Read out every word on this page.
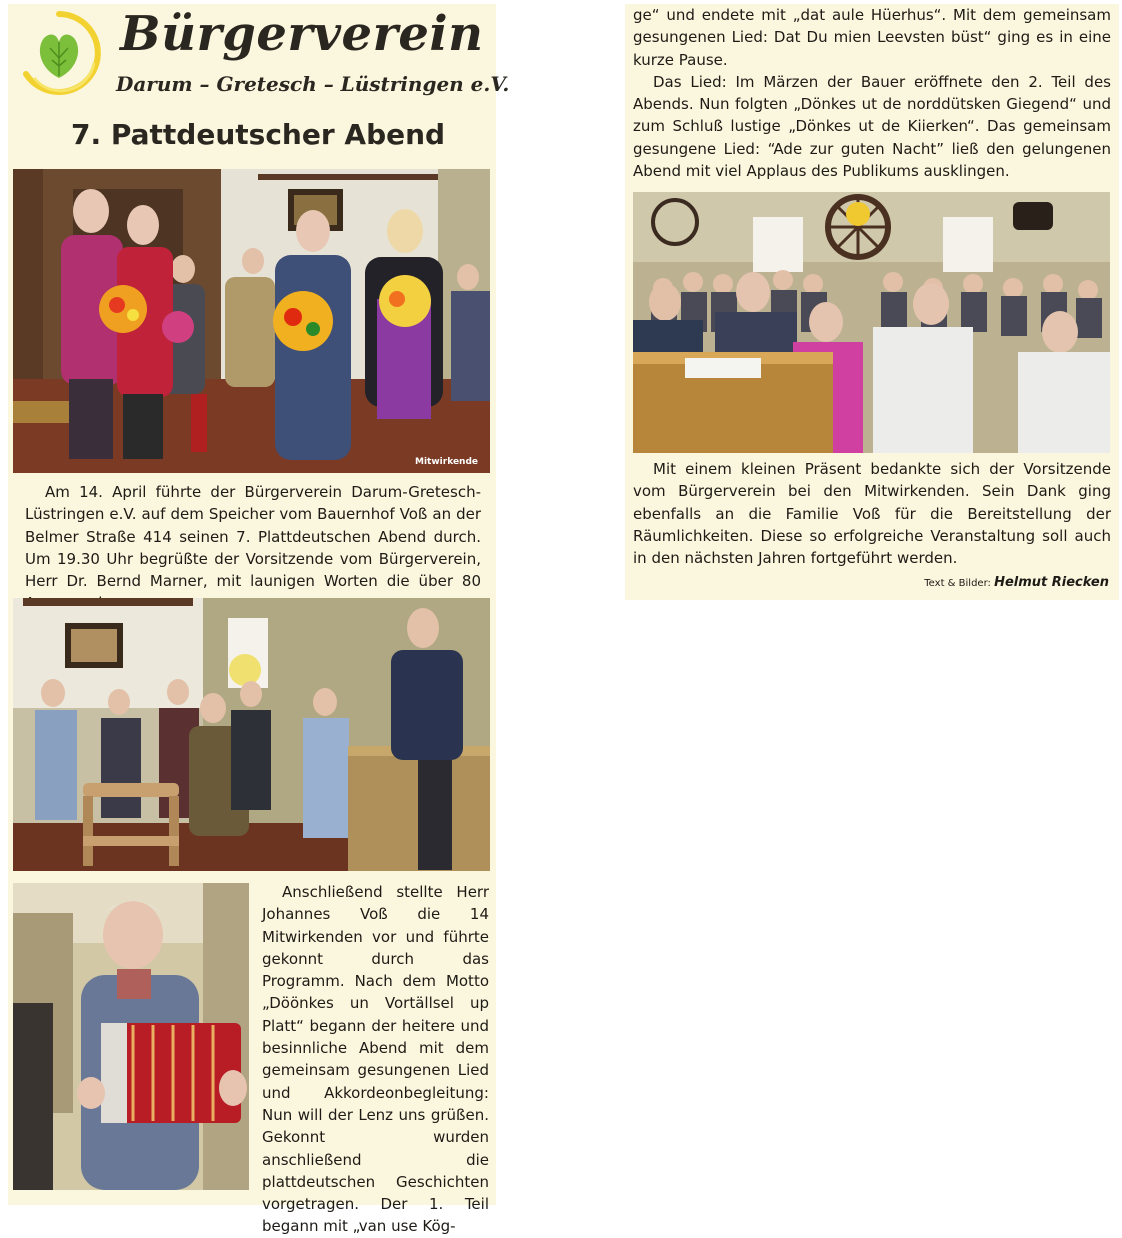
Bürgerverein
Darum – Gretesch – Lüstringen e.V.
7. Pattdeutscher Abend
Mitwirkende

Am 14. April führte der Bürgerverein Darum-Gretesch-Lüstringen e.V. auf dem Speicher vom Bauernhof Voß an der Belmer Straße 414 seinen 7. Plattdeutschen Abend durch. Um 19.30 Uhr begrüßte der Vorsitzende vom Bürgerverein, Herr Dr. Bernd Marner, mit launigen Worten die über 80

Anschließend stellte Herr Johannes Voß die 14 Mitwirkenden vor und führte gekonnt durch das Programm. Nach dem Motto „Döönkes un Vortällsel up Platt“ begann der heitere und besinnliche Abend mit dem gemeinsam gesungenen Lied und Akkordeonbegleitung: Nun will der Lenz uns grüßen. Gekonnt wurden anschließend die plattdeutschen Geschichten vorgetragen. Der 1. Teil begann mit „van use Kög-

ge“ und endete mit „dat aule Hüerhus“. Mit dem gemeinsam gesungenen Lied: Dat Du mien Leevsten büst“ ging es in eine kurze Pause.

Das Lied: Im Märzen der Bauer eröffnete den 2. Teil des Abends. Nun folgten „Dönkes ut de norddütsken Giegend“ und zum Schluß lustige „Dönkes ut de Kiierken“. Das gemeinsam gesungene Lied: “Ade zur guten Nacht” ließ den gelungenen Abend mit viel Applaus des Publikums ausklingen.

Mit einem kleinen Präsent bedankte sich der Vorsitzende vom Bürgerverein bei den Mitwirkenden. Sein Dank ging ebenfalls an die Familie Voß für die Bereitstellung der Räumlichkeiten. Diese so erfolgreiche Veranstaltung soll auch in den nächsten Jahren fortgeführt werden.

Text & Bilder: Helmut Riecken
